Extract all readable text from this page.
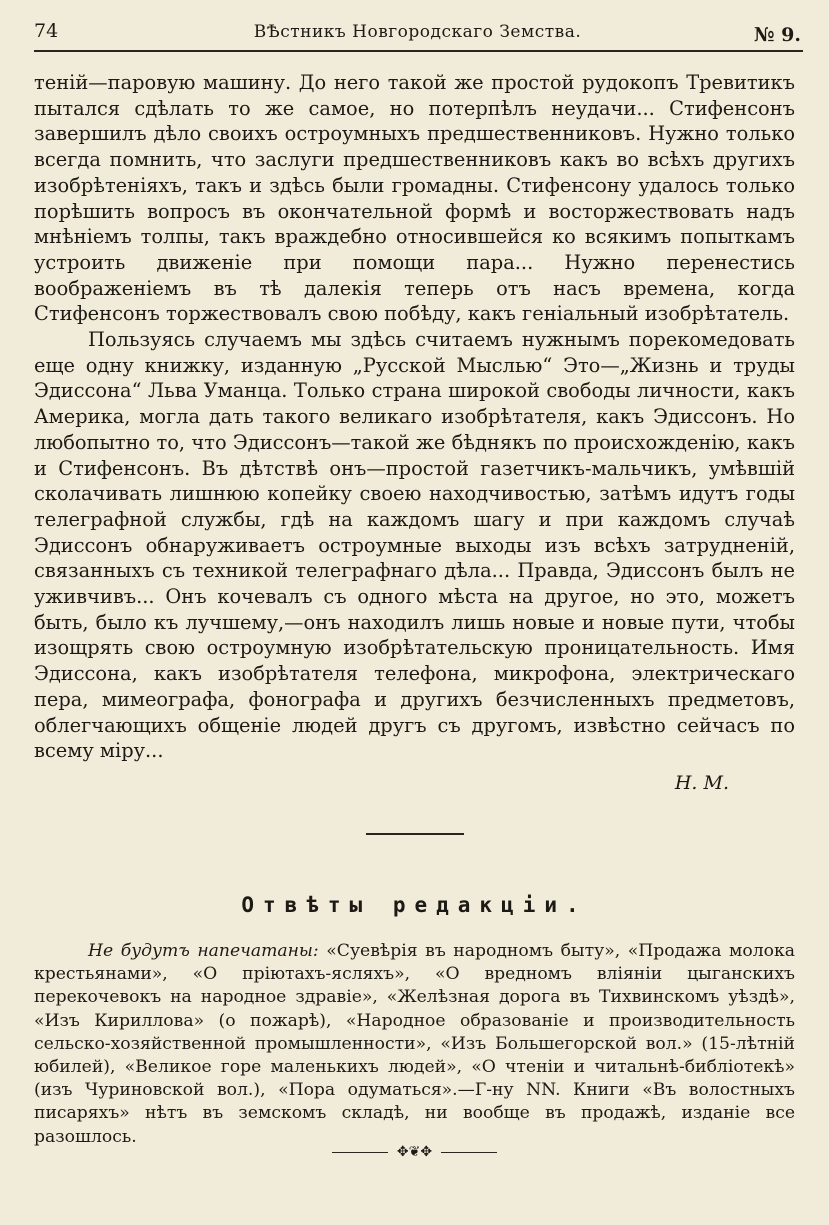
74	ВѢстникъ Новгородскаго Земства.	№ 9.

теній—паровую машину. До него такой же простой рудокопъ Тревитикъ пытался сдѣлать то же самое, но потерпѣлъ неудачи... Стифенсонъ завершилъ дѣло своихъ остроумныхъ предшественниковъ. Нужно только всегда помнить, что заслуги предшественниковъ какъ во всѣхъ другихъ изобрѣтеніяхъ, такъ и здѣсь были громадны. Стифенсону удалось только порѣшить вопросъ въ окончательной формѣ и восторжествовать надъ мнѣніемъ толпы, такъ враждебно относившейся ко всякимъ попыткамъ устроить движеніе при помощи пара... Нужно перенестись воображеніемъ въ тѣ далекія теперь отъ насъ времена, когда Стифенсонъ торжествовалъ свою побѣду, какъ геніальный изобрѣтатель.

Пользуясь случаемъ мы здѣсь считаемъ нужнымъ порекомедовать еще одну книжку, изданную „Русской Мыслью“ Это—„Жизнь и труды Эдиссона“ Льва Уманца. Только страна широкой свободы личности, какъ Америка, могла дать такого великаго изобрѣтателя, какъ Эдиссонъ. Но любопытно то, что Эдиссонъ—такой же бѣднякъ по происхожденію, какъ и Стифенсонъ. Въ дѣтствѣ онъ—простой газетчикъ-мальчикъ, умѣвшій сколачивать лишнюю копейку своею находчивостью, затѣмъ идутъ годы телеграфной службы, гдѣ на каждомъ шагу и при каждомъ случаѣ Эдиссонъ обнаруживаетъ остроумные выходы изъ всѣхъ затрудненій, связанныхъ съ техникой телеграфнаго дѣла... Правда, Эдиссонъ былъ не уживчивъ... Онъ кочевалъ съ одного мѣста на другое, но это, можетъ быть, было къ лучшему,—онъ находилъ лишь новые и новые пути, чтобы изощрять свою остроумную изобрѣтательскую проницательность. Имя Эдиссона, какъ изобрѣтателя телефона, микрофона, электрическаго пера, мимеографа, фонографа и другихъ безчисленныхъ предметовъ, облегчающихъ общеніе людей другъ съ другомъ, извѣстно сейчасъ по всему міру...

Н. М.
Отвѣты редакціи.

Не будутъ напечатаны: «Суевѣрія въ народномъ быту», «Продажа молока крестьянами», «О пріютахъ-ясляхъ», «О вредномъ вліяніи цыганскихъ перекочевокъ на народное здравіе», «Желѣзная дорога въ Тихвинскомъ уѣздѣ», «Изъ Кириллова» (о пожарѣ), «Народное образованіе и производительность сельско-хозяйственной промышленности», «Изъ Большегорской вол.» (15-лѣтній юбилей), «Великое горе маленькихъ людей», «О чтеніи и читальнѣ-библіотекѣ» (изъ Чуриновской вол.), «Пора одуматься».—Г-ну NN. Книги «Въ волостныхъ писаряхъ» нѣтъ въ земскомъ складѣ, ни вообще въ продажѣ, изданіе все разошлось.

✥❦✥
